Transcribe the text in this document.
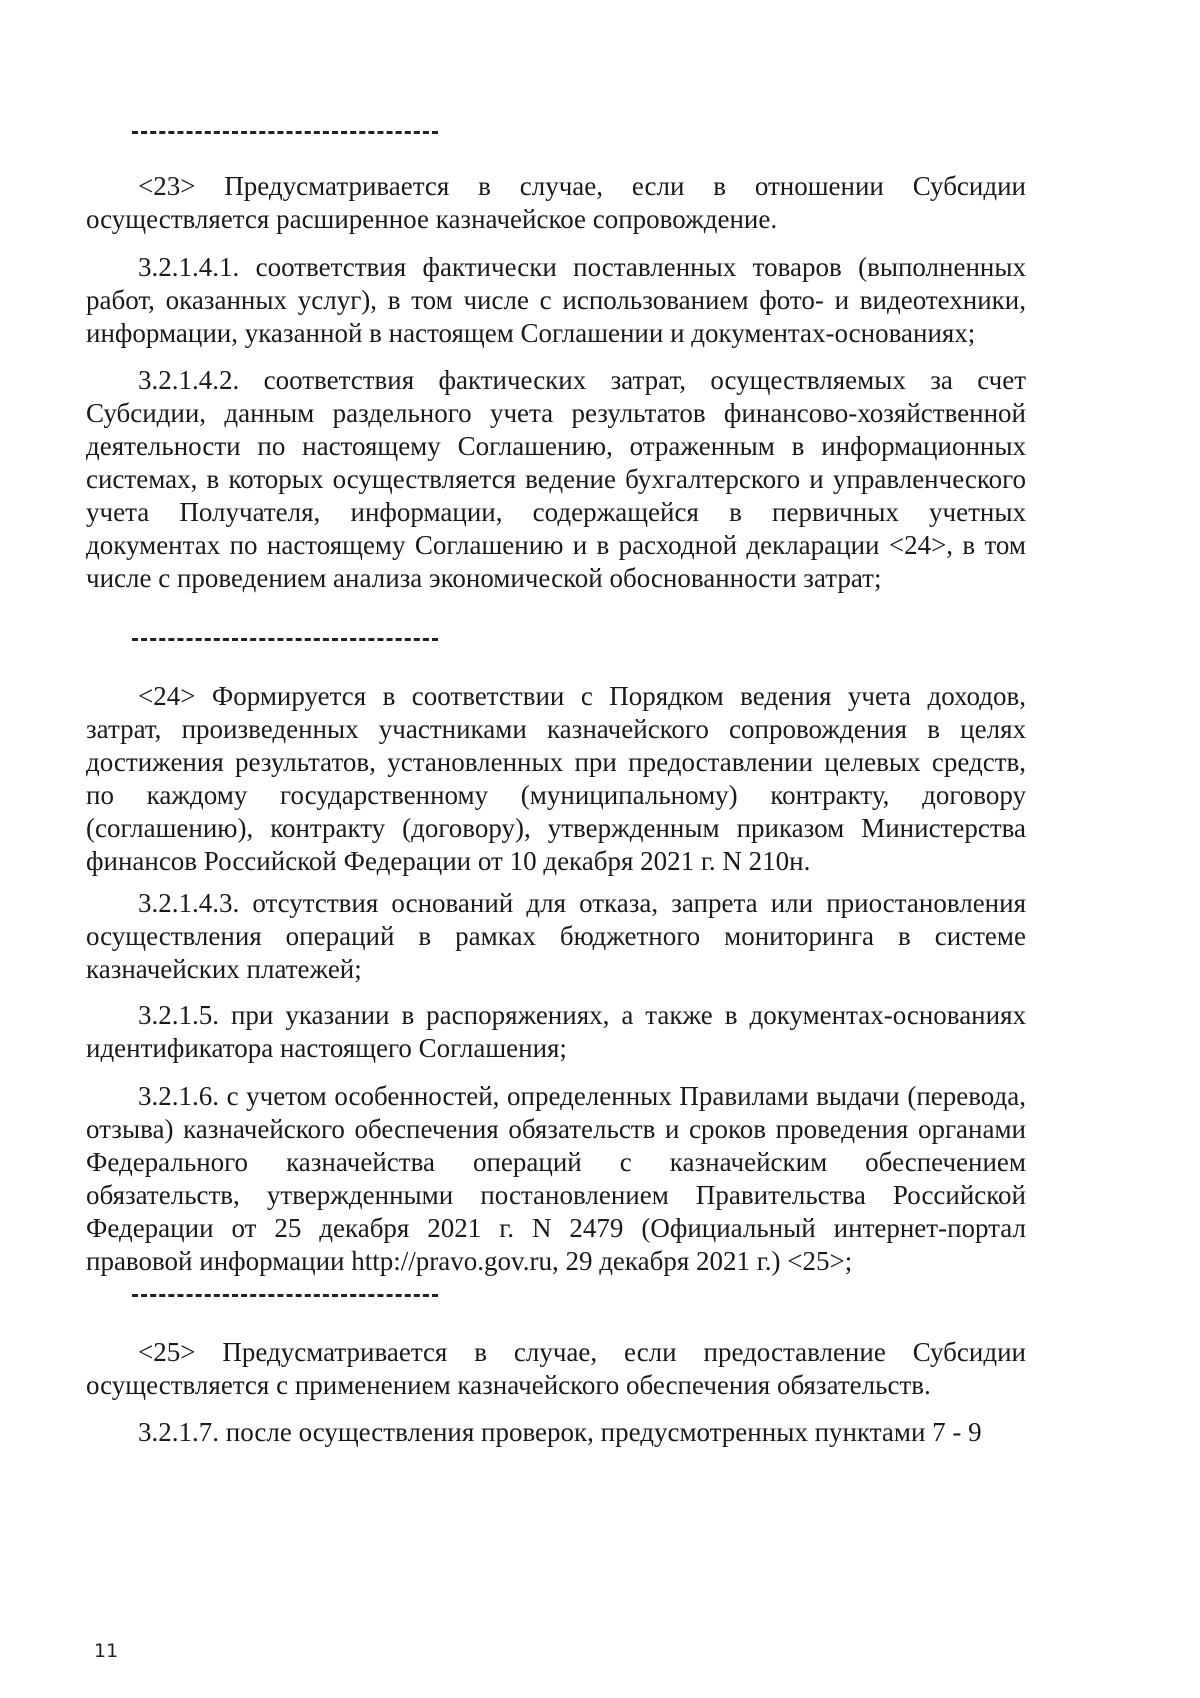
<23> Предусматривается в случае, если в отношении Субсидии осуществляется расширенное казначейское сопровождение.

3.2.1.4.1. соответствия фактически поставленных товаров (выполненных работ, оказанных услуг), в том числе с использованием фото- и видеотехники, информации, указанной в настоящем Соглашении и документах-основаниях;

3.2.1.4.2. соответствия фактических затрат, осуществляемых за счет Субсидии, данным раздельного учета результатов финансово-хозяйственной деятельности по настоящему Соглашению, отраженным в информационных системах, в которых осуществляется ведение бухгалтерского и управленческого учета Получателя, информации, содержащейся в первичных учетных документах по настоящему Соглашению и в расходной декларации <24>, в том числе с проведением анализа экономической обоснованности затрат;

<24> Формируется в соответствии с Порядком ведения учета доходов, затрат, произведенных участниками казначейского сопровождения в целях достижения результатов, установленных при предоставлении целевых средств, по каждому государственному (муниципальному) контракту, договору (соглашению), контракту (договору), утвержденным приказом Министерства финансов Российской Федерации от 10 декабря 2021 г. N 210н.

3.2.1.4.3. отсутствия оснований для отказа, запрета или приостановления осуществления операций в рамках бюджетного мониторинга в системе казначейских платежей;

3.2.1.5. при указании в распоряжениях, а также в документах-основаниях идентификатора настоящего Соглашения;

3.2.1.6. с учетом особенностей, определенных Правилами выдачи (перевода, отзыва) казначейского обеспечения обязательств и сроков проведения органами Федерального казначейства операций с казначейским обеспечением обязательств, утвержденными постановлением Правительства Российской Федерации от 25 декабря 2021 г. N 2479 (Официальный интернет-портал правовой информации http://pravo.gov.ru, 29 декабря 2021 г.) <25>;

<25> Предусматривается в случае, если предоставление Субсидии осуществляется с применением казначейского обеспечения обязательств.

3.2.1.7. после осуществления проверок, предусмотренных пунктами 7 - 9

11
